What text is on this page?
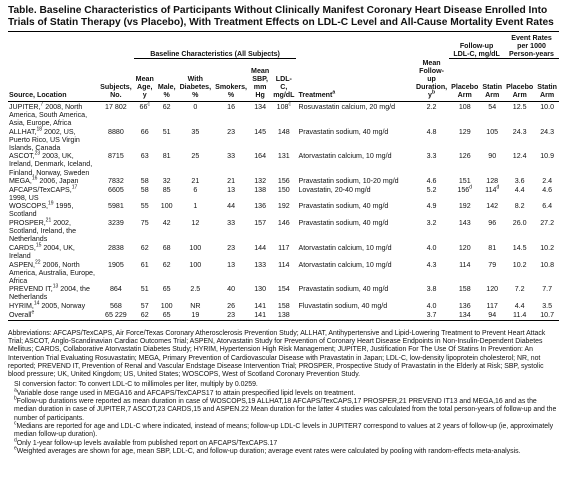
Table. Baseline Characteristics of Participants Without Clinically Manifest Coronary Heart Disease Enrolled Into Trials of Statin Therapy (vs Placebo), With Treatment Effects on LDL-C Level and All-Cause Mortality Event Rates
		Baseline Characteristics (All Subjects)								Follow-up LDL-C, mg/dL		Event Rates per 1000 Person-years	
Source, Location	Subjects, No.	Mean Age, y	Male, %	With Diabetes, %	Smokers, %	Mean SBP, mm Hg	LDL-C, mg/dL	Treatment$^a$	Mean Follow-up Duration, $y^b$	Placebo Arm	Statin Arm	Placebo Arm	Statin Arm
JUPITER,$^7$ 2008, North America, South America, Asia, Europe, Africa	17 802	66$^c$	62	0	16	134	108$^c$	Rosuvastatin calcium, 20 mg/d	2.2	108	54	12.5	10.0
ALLHAT,$^{18}$ 2002, US, Puerto Rico, US Virgin Islands, Canada	8880	66	51	35	23	145	148	Pravastatin sodium, 40 mg/d	4.8	129	105	24.3	24.3
ASCOT,$^{23}$ 2003, UK, Ireland, Denmark, Iceland, Finland, Norway, Sweden	8715	63	81	25	33	164	131	Atorvastatin calcium, 10 mg/d	3.3	126	90	12.4	10.9
MEGA,$^{16}$ 2006, Japan	7832	58	32	21	21	132	156	Pravastatin sodium, 10-20 mg/d	4.6	151	128	3.6	2.4
AFCAPS/TexCAPS,$^{17}$ 1998, US	6605	58	85	6	13	138	150	Lovastatin, 20-40 mg/d	5.2	156$^d$	114$^d$	4.4	4.6
WOSCOPS,$^{19}$ 1995, Scotland	5981	55	100	1	44	136	192	Pravastatin sodium, 40 mg/d	4.9	192	142	8.2	6.4
PROSPER,$^{21}$ 2002, Scotland, Ireland, the Netherlands	3239	75	42	12	33	157	146	Pravastatin sodium, 40 mg/d	3.2	143	96	26.0	27.2
CARDS,$^{15}$ 2004, UK, Ireland	2838	62	68	100	23	144	117	Atorvastatin calcium, 10 mg/d	4.0	120	81	14.5	10.2
ASPEN,$^{22}$ 2006, North America, Australia, Europe, Africa	1905	61	62	100	13	133	114	Atorvastatin calcium, 10 mg/d	4.3	114	79	10.2	10.8
PREVEND IT,$^{13}$ 2004, the Netherlands	864	51	65	2.5	40	130	154	Pravastatin sodium, 40 mg/d	3.8	158	120	7.2	7.7
HYRIM,$^{14}$ 2005, Norway	568	57	100	NR	26	141	158	Fluvastatin sodium, 40 mg/d	4.0	136	117	4.4	3.5
Overall$^e$	65 229	62	65	19	23	141	138		3.7	134	94	11.4	10.7

Abbreviations: AFCAPS/TexCAPS, Air Force/Texas Coronary Atherosclerosis Prevention Study; ALLHAT, Antihypertensive and Lipid-Lowering Treatment to Prevent Heart Attack Trial; ASCOT, Anglo-Scandinavian Cardiac Outcomes Trial; ASPEN, Atorvastatin Study for Prevention of Coronary Heart Disease Endpoints in Non-Insulin-Dependent Diabetes Mellitus; CARDS, Collaborative Atorvastatin Diabetes Study; HYRIM, Hypertension High Risk Management; JUPITER, Justification For The Use Of Statins In Prevention: An Intervention Trial Evaluating Rosuvastatin; MEGA, Primary Prevention of Cardiovascular Disease with Pravastatin in Japan; LDL-C, low-density lipoprotein cholesterol; NR, not reported; PREVEND IT, Prevention of Renal and Vascular Endstage Disease Intervention Trial; PROSPER, Prospective Study of Pravastatin in the Elderly at Risk; SBP, systolic blood pressure; UK, United Kingdom; US, United States; WOSCOPS, West of Scotland Coronary Prevention Study.

SI conversion factor: To convert LDL-C to millimoles per liter, multiply by 0.0259.

$^a$Variable dose range used in MEGA16 and AFCAPS/TexCAPS17 to attain prespecified lipid levels on treatment.

$^b$Follow-up durations were reported as mean duration in case of WOSCOPS,19 ALLHAT,18 AFCAPS/TexCAPS,17 PROSPER,21 PREVEND IT13 and MEGA,16 and as the median duration in case of JUPITER,7 ASCOT,23 CARDS,15 and ASPEN.22 Mean duration for the latter 4 studies was calculated from the total person-years of follow-up and the number of participants.

$^c$Medians are reported for age and LDL-C where indicated, instead of means; follow-up LDL-C levels in JUPITER7 correspond to values at 2 years of follow-up (ie, approximately median follow-up duration).

$^d$Only 1-year follow-up levels available from published report on AFCAPS/TexCAPS.17

$^e$Weighted averages are shown for age, mean SBP, LDL-C, and follow-up duration; average event rates were calculated by pooling with random-effects meta-analysis.
